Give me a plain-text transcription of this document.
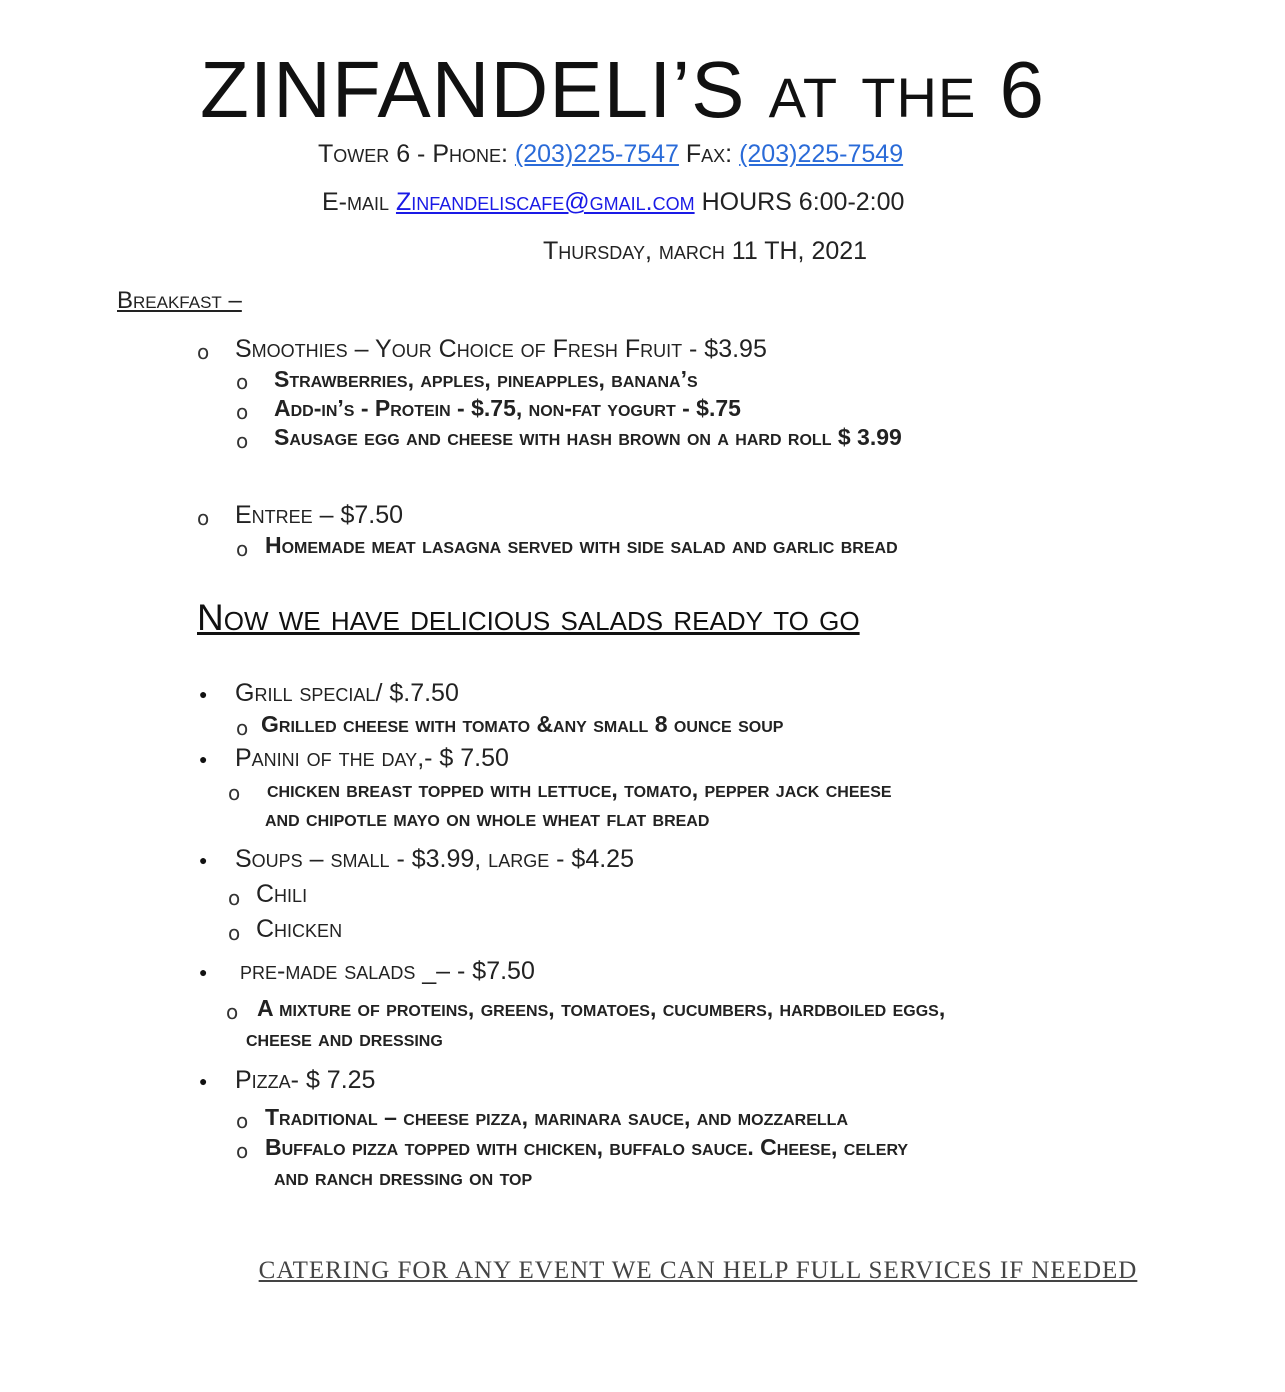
ZINFANDELI’S at the 6
Tower 6 - Phone: (203)225-7547 Fax: (203)225-7549
E-mail Zinfandeliscafe@gmail.com HOURS 6:00-2:00
Thursday, march 11 TH, 2021
Breakfast –
o Smoothies – Your Choice of Fresh Fruit - $3.95
o Strawberries, apples, pineapples, banana’s
o Add-in’s - Protein - $.75, non-fat yogurt - $.75
o Sausage egg and cheese with hash brown on a hard roll $ 3.99
o Entree – $7.50
o Homemade meat lasagna served with side salad and garlic bread
Now we have delicious salads ready to go
● Grill special/ $.7.50
o Grilled cheese with tomato &any small 8 ounce soup
● Panini of the day,- $ 7.50
o chicken breast topped with lettuce, tomato, pepper jack cheese
and chipotle mayo on whole wheat flat bread
● Soups – small - $3.99, large - $4.25
o Chili
o Chicken
● pre-made salads _– - $7.50
o A mixture of proteins, greens, tomatoes, cucumbers, hardboiled eggs,
cheese and dressing
● Pizza- $ 7.25
o Traditional – cheese pizza, marinara sauce, and mozzarella
o Buffalo pizza topped with chicken, buffalo sauce. Cheese, celery
and ranch dressing on top
CATERING FOR ANY EVENT WE CAN HELP FULL SERVICES IF NEEDED
